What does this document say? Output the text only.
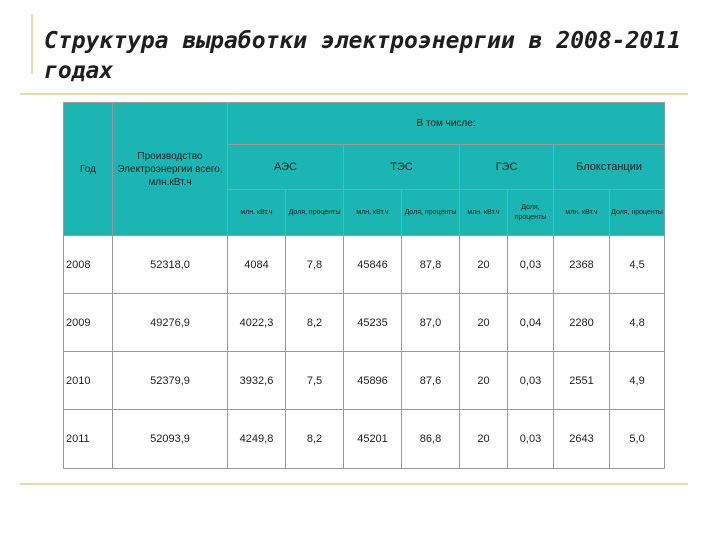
Структура выработки электроэнергии в 2008-2011 годах
Год	Производство Электроэнергии всего, млн.кВт.ч	В том числе:							
		АЭС		ТЭС		ГЭС		Блокстанции	
		млн. кВт.ч	Доля, проценты	млн. кВт.ч	Доля, проценты	млн. кВт.ч	Доля, проценты	млн. кВт.ч	Доля, проценты
2008	52318,0	4084	7,8	45846	87,8	20	0,03	2368	4,5
2009	49276,9	4022,3	8,2	45235	87,0	20	0,04	2280	4,8
2010	52379,9	3932,6	7,5	45896	87,6	20	0,03	2551	4,9
2011	52093,9	4249,8	8,2	45201	86,8	20	0,03	2643	5,0
